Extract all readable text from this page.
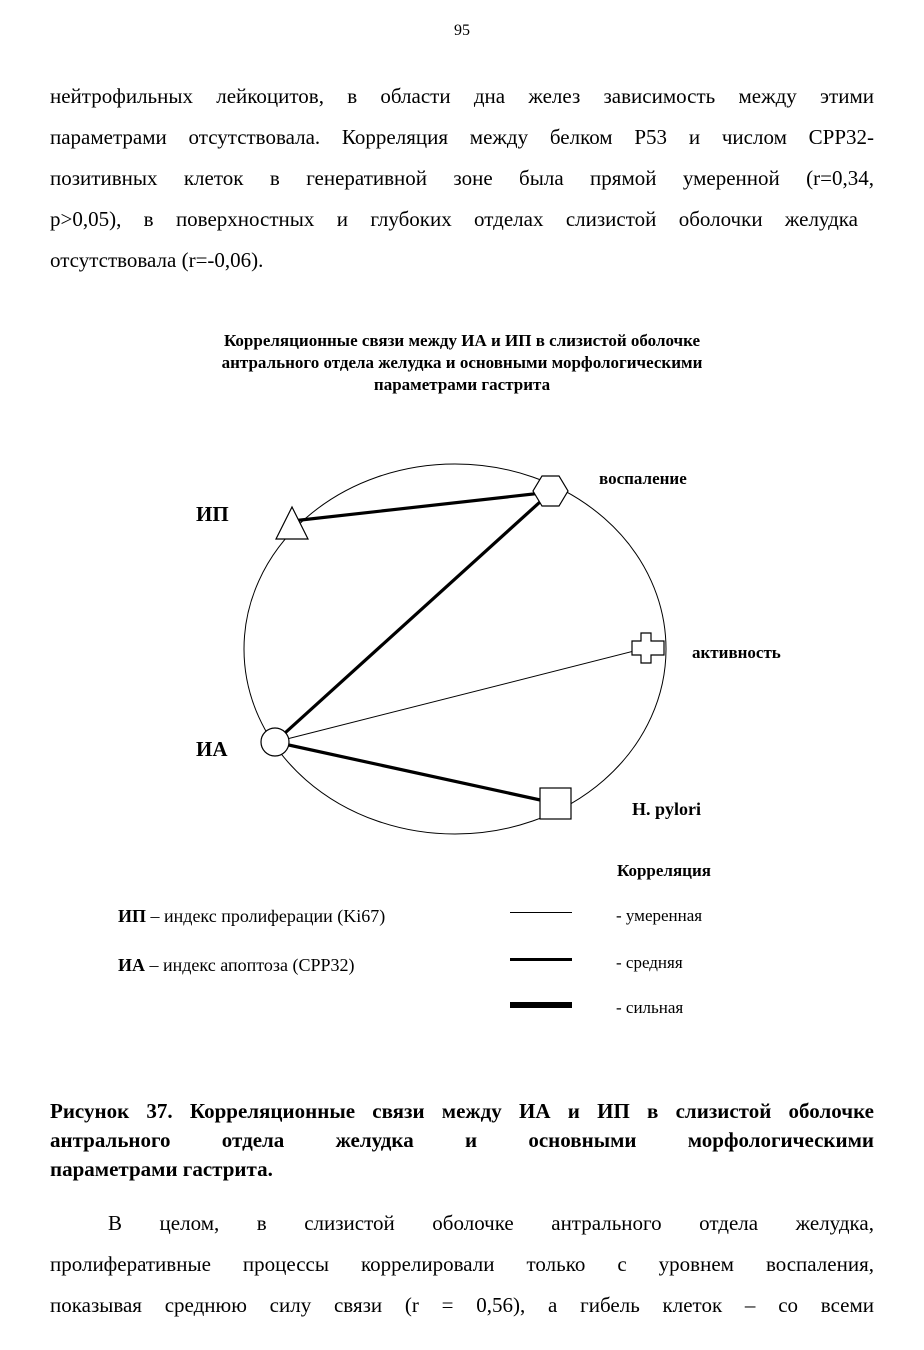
95
нейтрофильных лейкоцитов, в области дна желез зависимость между этими
параметрами отсутствовала. Корреляция между белком P53 и числом CPP32-
позитивных клеток в генеративной зоне была прямой умеренной (r=0,34,
p>0,05), в поверхностных и глубоких отделах слизистой оболочки желудка
отсутствовала (r=-0,06).
Корреляционные связи между ИА и ИП в слизистой оболочке
антрального отдела желудка и основными морфологическими
параметрами гастрита
ИП
ИА
воспаление
активность
H. pylori
Корреляция
ИП – индекс пролиферации (Ki67)
ИА – индекс апоптоза (CPP32)
- умеренная
- средняя
- сильная
Рисунок 37. Корреляционные связи между ИА и ИП в слизистой оболочке
антрального отдела желудка и основными морфологическими
параметрами гастрита.
В целом, в слизистой оболочке антрального отдела желудка,
пролиферативные процессы коррелировали только с уровнем воспаления,
показывая среднюю силу связи (r = 0,56), а гибель клеток – со всеми
